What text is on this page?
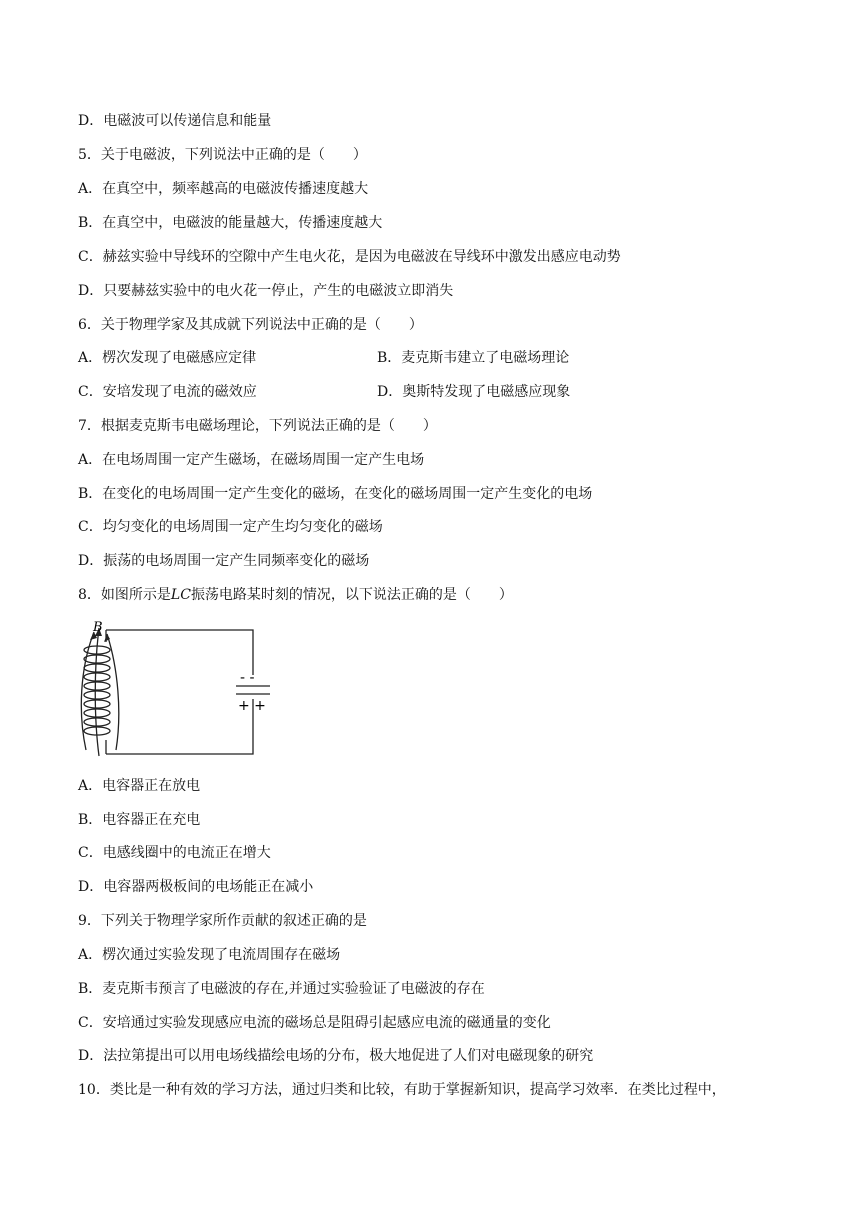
D．电磁波可以传递信息和能量
5．关于电磁波，下列说法中正确的是（　　）
A．在真空中，频率越高的电磁波传播速度越大
B．在真空中，电磁波的能量越大，传播速度越大
C．赫兹实验中导线环的空隙中产生电火花，是因为电磁波在导线环中激发出感应电动势
D．只要赫兹实验中的电火花一停止，产生的电磁波立即消失
6．关于物理学家及其成就下列说法中正确的是（　　）
A．楞次发现了电磁感应定律	B．麦克斯韦建立了电磁场理论
C．安培发现了电流的磁效应	D．奥斯特发现了电磁感应现象
7．根据麦克斯韦电磁场理论，下列说法正确的是（　　）
A．在电场周围一定产生磁场，在磁场周围一定产生电场
B．在变化的电场周围一定产生变化的磁场，在变化的磁场周围一定产生变化的电场
C．均匀变化的电场周围一定产生均匀变化的磁场
D．振荡的电场周围一定产生同频率变化的磁场
8．如图所示是LC振荡电路某时刻的情况，以下说法正确的是（　　）
B
- -
+ +
A．电容器正在放电
B．电容器正在充电
C．电感线圈中的电流正在增大
D．电容器两极板间的电场能正在减小
9．下列关于物理学家所作贡献的叙述正确的是
A．楞次通过实验发现了电流周围存在磁场
B．麦克斯韦预言了电磁波的存在,并通过实验验证了电磁波的存在
C．安培通过实验发现感应电流的磁场总是阻碍引起感应电流的磁通量的变化
D．法拉第提出可以用电场线描绘电场的分布，极大地促进了人们对电磁现象的研究
10．类比是一种有效的学习方法，通过归类和比较，有助于掌握新知识，提高学习效率．在类比过程中，
